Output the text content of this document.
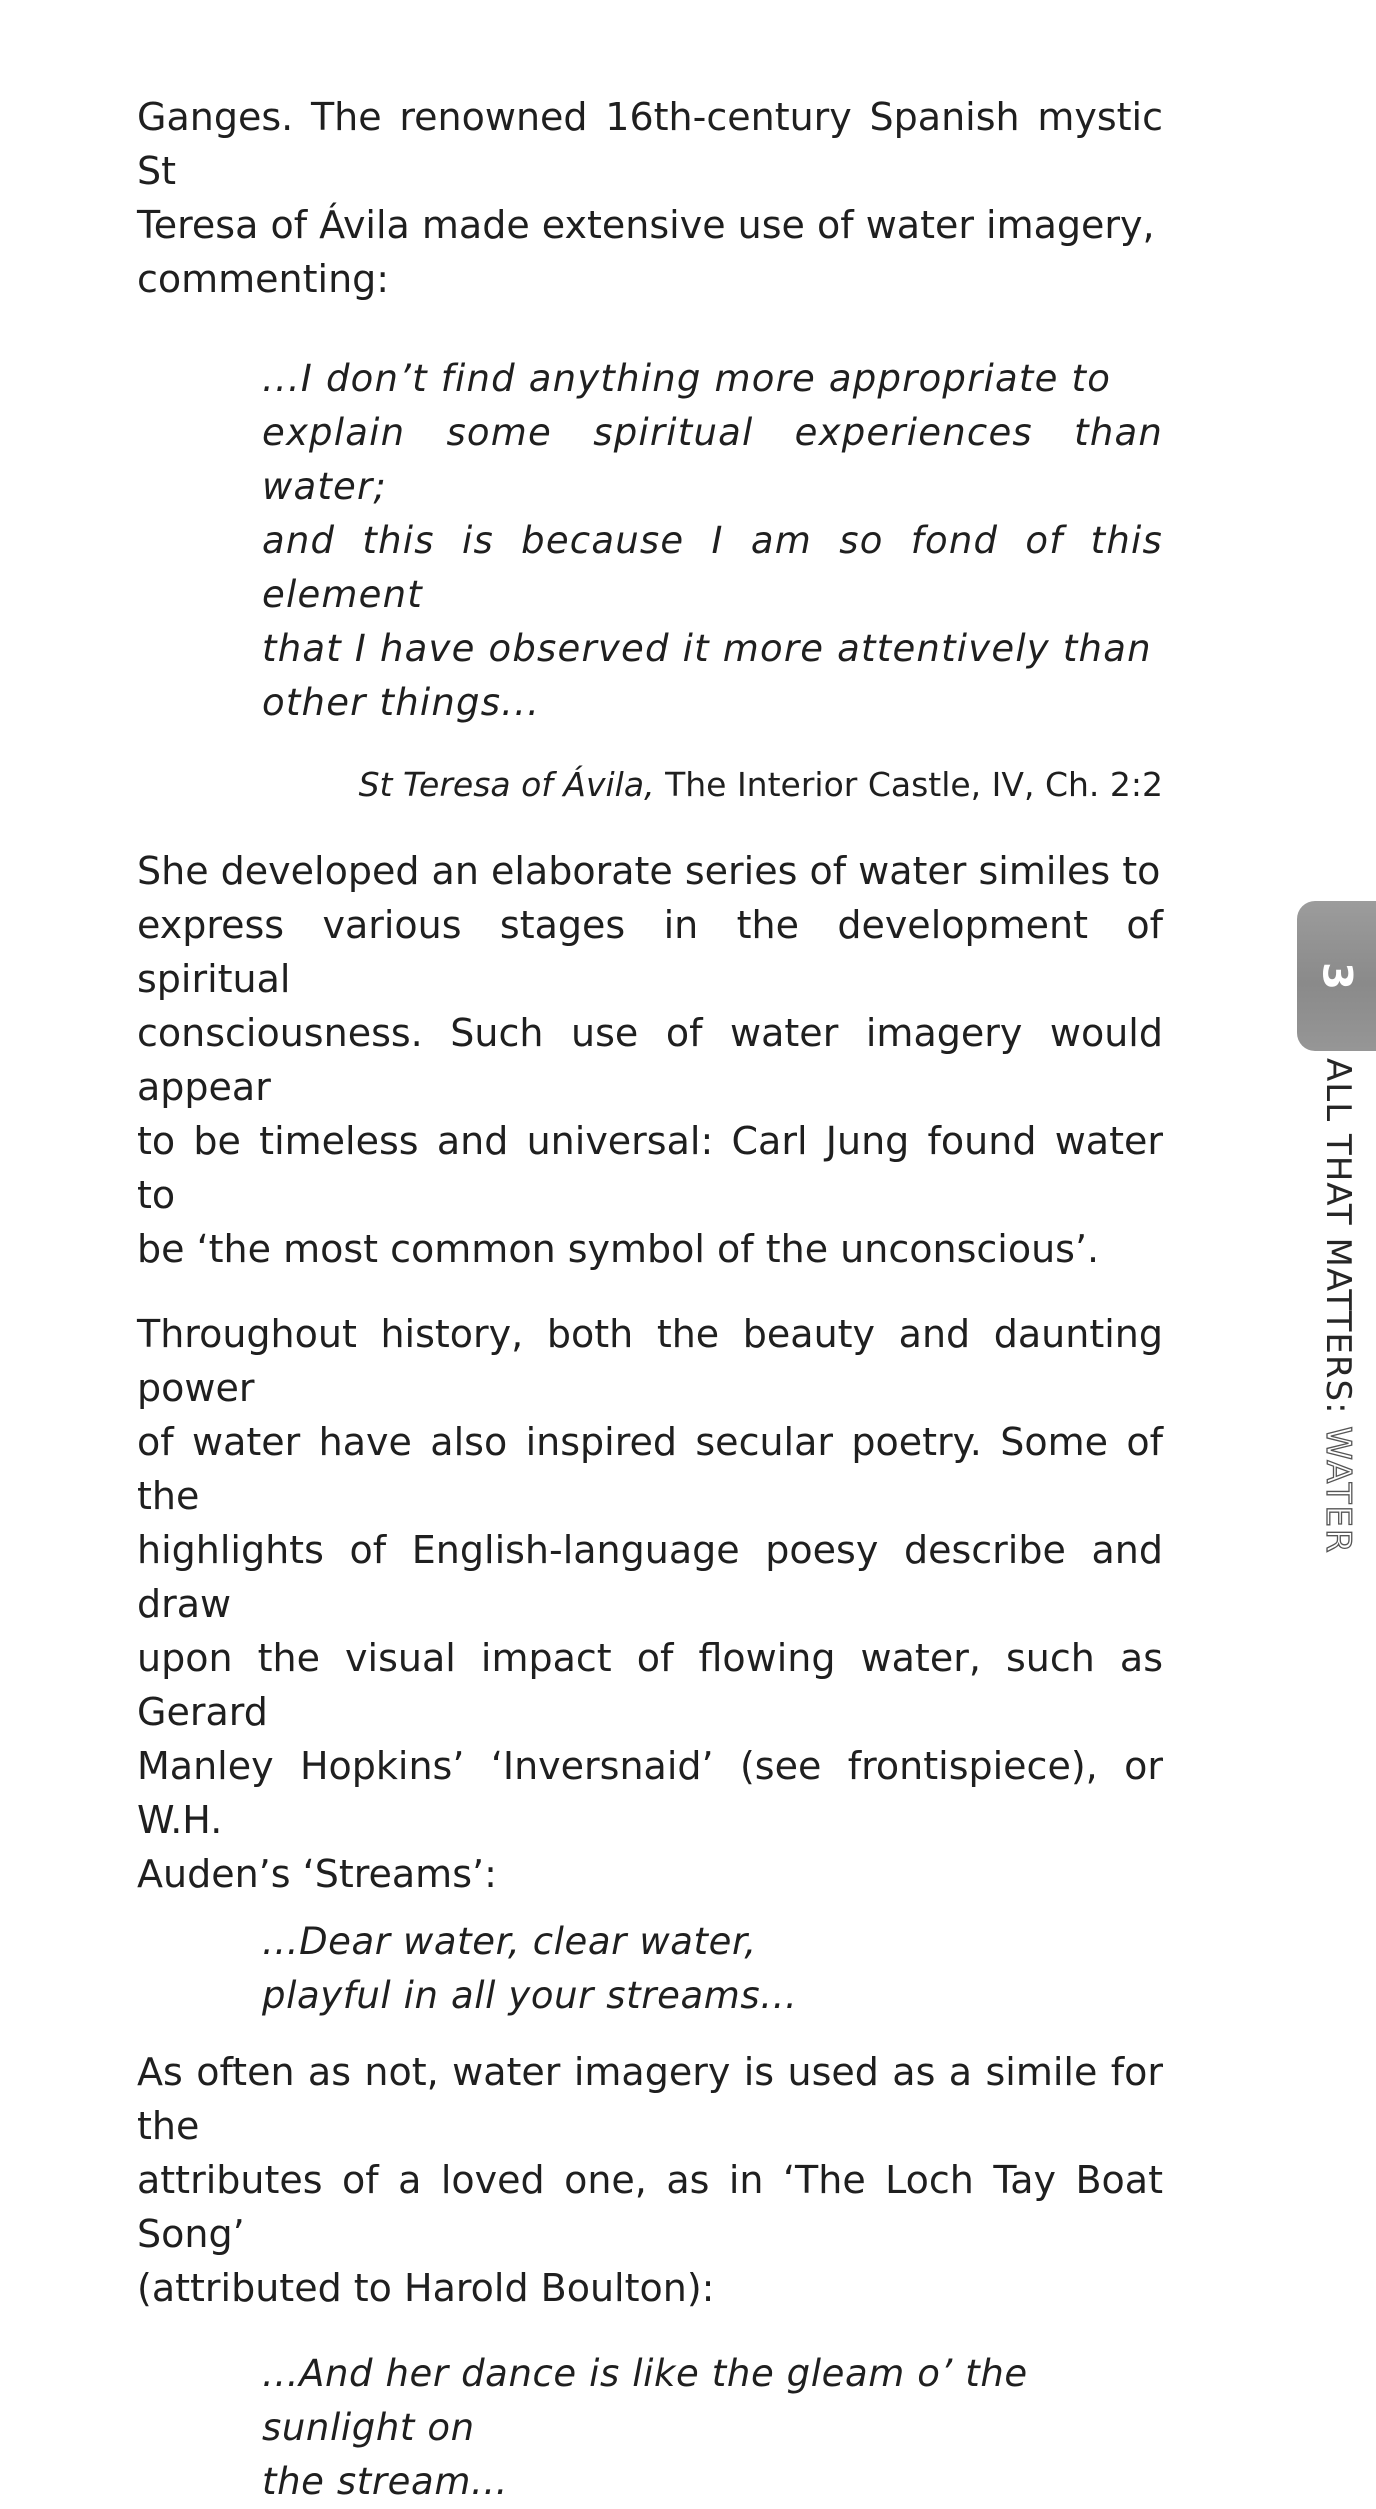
Ganges. The renowned 16th-century Spanish mystic St
Teresa of Ávila made extensive use of water imagery,
commenting:

...I don’t find anything more appropriate to
explain some spiritual experiences than water;
and this is because I am so fond of this element
that I have observed it more attentively than
other things...
St Teresa of Ávila, The Interior Castle, IV, Ch. 2:2

She developed an elaborate series of water similes to
express various stages in the development of spiritual
consciousness. Such use of water imagery would appear
to be timeless and universal: Carl Jung found water to
be ‘the most common symbol of the unconscious’.

Throughout history, both the beauty and daunting power
of water have also inspired secular poetry. Some of the
highlights of English-language poesy describe and draw
upon the visual impact of flowing water, such as Gerard
Manley Hopkins’ ‘Inversnaid’ (see frontispiece), or W.H.
Auden’s ‘Streams’:

...Dear water, clear water,
playful in all your streams...

As often as not, water imagery is used as a simile for the
attributes of a loved one, as in ‘The Loch Tay Boat Song’
(attributed to Harold Boulton):

...And her dance is like the gleam o’ the sunlight on
the stream...
3
ALL THAT MATTERS: WATER
